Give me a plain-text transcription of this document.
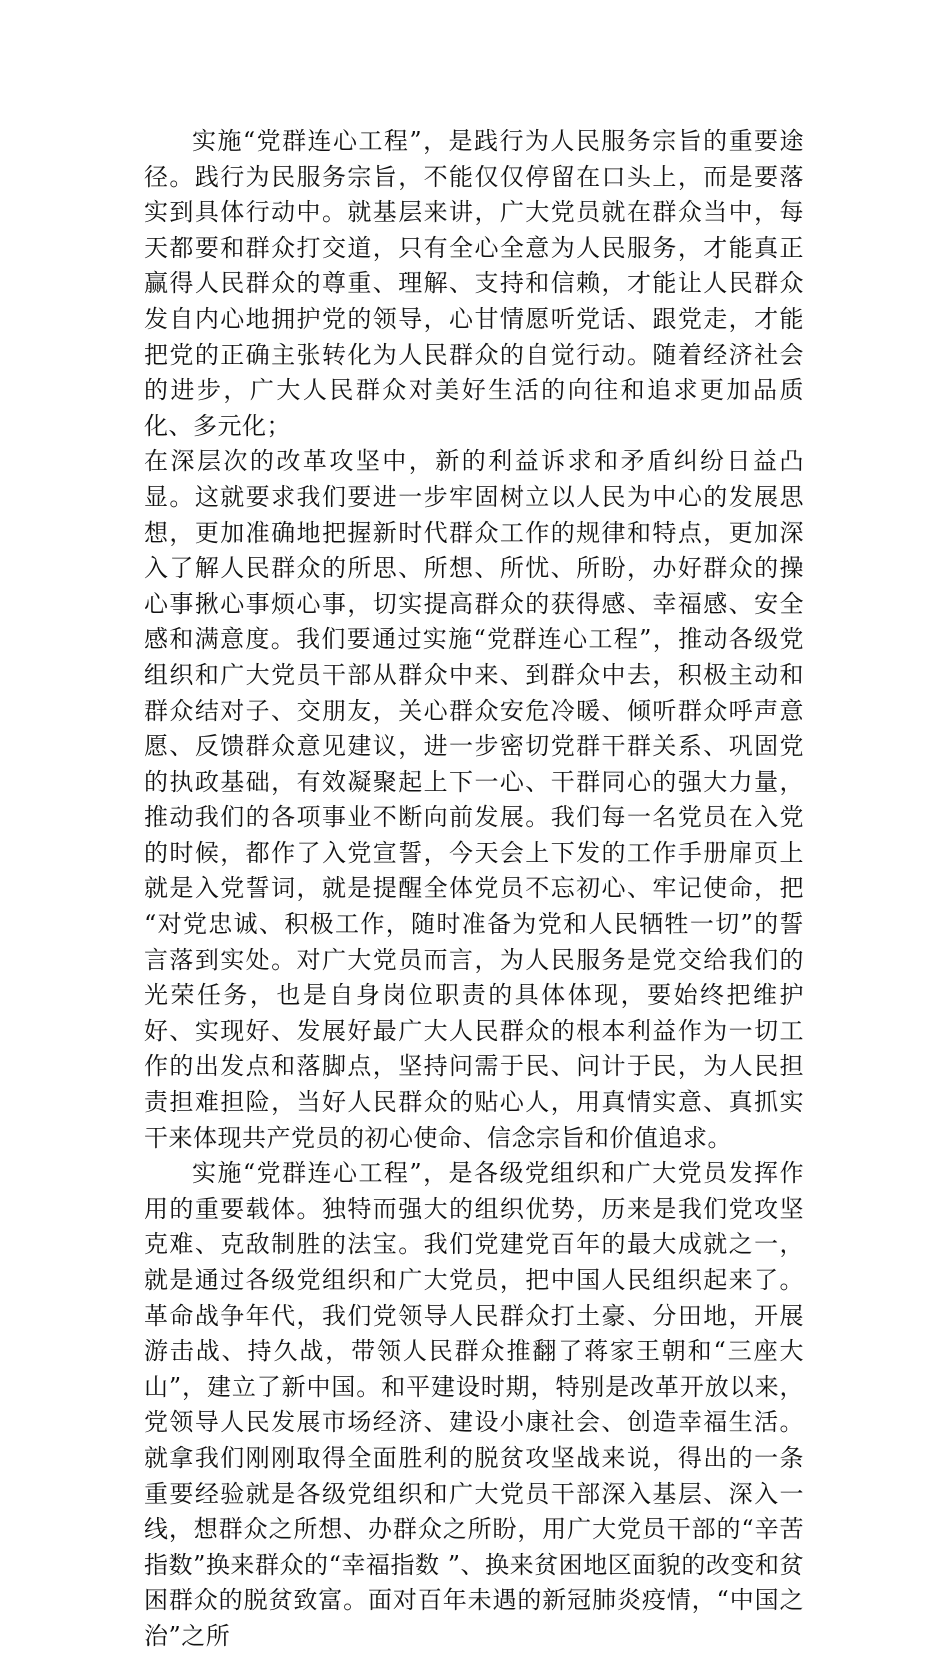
实施“党群连心工程”，是践行为人民服务宗旨的重要途径。践行为民服务宗旨，不能仅仅停留在口头上，而是要落实到具体行动中。就基层来讲，广大党员就在群众当中，每天都要和群众打交道，只有全心全意为人民服务，才能真正赢得人民群众的尊重、理解、支持和信赖，才能让人民群众发自内心地拥护党的领导，心甘情愿听党话、跟党走，才能把党的正确主张转化为人民群众的自觉行动。随着经济社会的进步，广大人民群众对美好生活的向往和追求更加品质化、多元化；

在深层次的改革攻坚中，新的利益诉求和矛盾纠纷日益凸显。这就要求我们要进一步牢固树立以人民为中心的发展思想，更加准确地把握新时代群众工作的规律和特点，更加深入了解人民群众的所思、所想、所忧、所盼，办好群众的操心事揪心事烦心事，切实提高群众的获得感、幸福感、安全感和满意度。我们要通过实施“党群连心工程”，推动各级党组织和广大党员干部从群众中来、到群众中去，积极主动和群众结对子、交朋友，关心群众安危冷暖、倾听群众呼声意愿、反馈群众意见建议，进一步密切党群干群关系、巩固党的执政基础，有效凝聚起上下一心、干群同心的强大力量，推动我们的各项事业不断向前发展。我们每一名党员在入党的时候，都作了入党宣誓，今天会上下发的工作手册扉页上就是入党誓词，就是提醒全体党员不忘初心、牢记使命，把 “对党忠诚、积极工作，随时准备为党和人民牺牲一切”的誓言落到实处。对广大党员而言，为人民服务是党交给我们的光荣任务，也是自身岗位职责的具体体现，要始终把维护好、实现好、发展好最广大人民群众的根本利益作为一切工作的出发点和落脚点，坚持问需于民、问计于民，为人民担责担难担险，当好人民群众的贴心人，用真情实意、真抓实干来体现共产党员的初心使命、信念宗旨和价值追求。

实施“党群连心工程”，是各级党组织和广大党员发挥作用的重要载体。独特而强大的组织优势，历来是我们党攻坚克难、克敌制胜的法宝。我们党建党百年的最大成就之一，就是通过各级党组织和广大党员，把中国人民组织起来了。革命战争年代，我们党领导人民群众打土豪、分田地，开展游击战、持久战，带领人民群众推翻了蒋家王朝和“三座大山”，建立了新中国。和平建设时期，特别是改革开放以来，党领导人民发展市场经济、建设小康社会、创造幸福生活。就拿我们刚刚取得全面胜利的脱贫攻坚战来说，得出的一条重要经验就是各级党组织和广大党员干部深入基层、深入一线，想群众之所想、办群众之所盼，用广大党员干部的“辛苦指数”换来群众的“幸福指数 ”、换来贫困地区面貌的改变和贫困群众的脱贫致富。面对百年未遇的新冠肺炎疫情，“中国之治”之所
